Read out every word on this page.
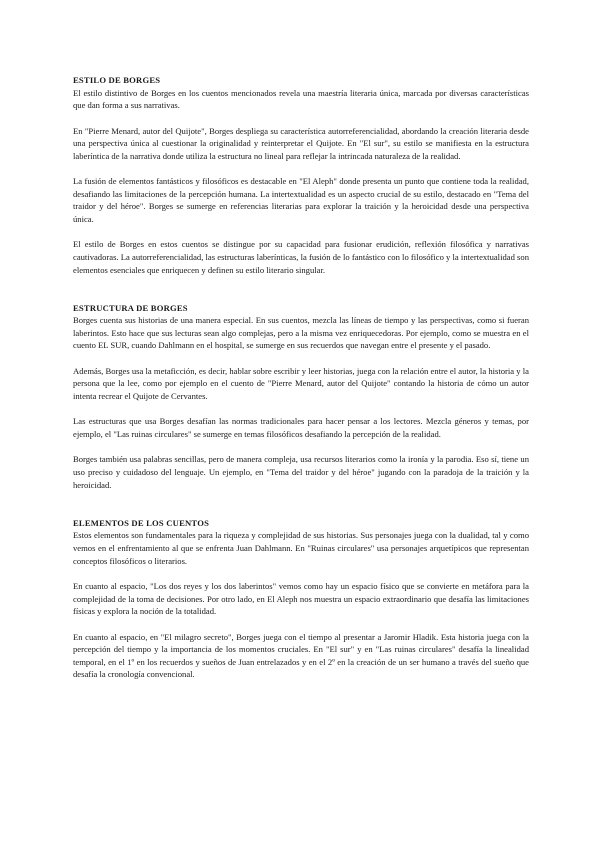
ESTILO DE BORGES

El estilo distintivo de Borges en los cuentos mencionados revela una maestría literaria única, marcada por diversas características que dan forma a sus narrativas.

En "Pierre Menard, autor del Quijote", Borges despliega su característica autorreferencialidad, abordando la creación literaria desde una perspectiva única al cuestionar la originalidad y reinterpretar el Quijote. En "El sur", su estilo se manifiesta en la estructura laberíntica de la narrativa donde utiliza la estructura no lineal para reflejar la intrincada naturaleza de la realidad.

La fusión de elementos fantásticos y filosóficos es destacable en "El Aleph" donde presenta un punto que contiene toda la realidad, desafiando las limitaciones de la percepción humana. La intertextualidad es un aspecto crucial de su estilo, destacado en "Tema del traidor y del héroe". Borges se sumerge en referencias literarias para explorar la traición y la heroicidad desde una perspectiva única.

El estilo de Borges en estos cuentos se distingue por su capacidad para fusionar erudición, reflexión filosófica y narrativas cautivadoras. La autorreferencialidad, las estructuras laberínticas, la fusión de lo fantástico con lo filosófico y la intertextualidad son elementos esenciales que enriquecen y definen su estilo literario singular.

ESTRUCTURA DE BORGES

Borges cuenta sus historias de una manera especial. En sus cuentos, mezcla las líneas de tiempo y las perspectivas, como si fueran laberintos. Esto hace que sus lecturas sean algo complejas, pero a la misma vez enriquecedoras. Por ejemplo, como se muestra en el cuento EL SUR, cuando Dahlmann en el hospital, se sumerge en sus recuerdos que navegan entre el presente y el pasado.

Además, Borges usa la metaficción, es decir, hablar sobre escribir y leer historias, juega con la relación entre el autor, la historia y la persona que la lee, como por ejemplo en el cuento de "Pierre Menard, autor del Quijote" contando la historia de cómo un autor intenta recrear el Quijote de Cervantes.

Las estructuras que usa Borges desafían las normas tradicionales para hacer pensar a los lectores. Mezcla géneros y temas, por ejemplo, el "Las ruinas circulares" se sumerge en temas filosóficos desafiando la percepción de la realidad.

Borges también usa palabras sencillas, pero de manera compleja, usa recursos literarios como la ironía y la parodia. Eso sí, tiene un uso preciso y cuidadoso del lenguaje. Un ejemplo, en "Tema del traidor y del héroe" jugando con la paradoja de la traición y la heroicidad.

ELEMENTOS DE LOS CUENTOS

Estos elementos son fundamentales para la riqueza y complejidad de sus historias. Sus personajes juega con la dualidad, tal y como vemos en el enfrentamiento al que se enfrenta Juan Dahlmann. En "Ruinas circulares" usa personajes arquetípicos que representan conceptos filosóficos o literarios.

En cuanto al espacio, "Los dos reyes y los dos laberintos" vemos como hay un espacio físico que se convierte en metáfora para la complejidad de la toma de decisiones. Por otro lado, en El Aleph nos muestra un espacio extraordinario que desafía las limitaciones físicas y explora la noción de la totalidad.

En cuanto al espacio, en "El milagro secreto", Borges juega con el tiempo al presentar a Jaromir Hladik. Esta historia juega con la percepción del tiempo y la importancia de los momentos cruciales. En "El sur" y en "Las ruinas circulares" desafía la linealidad temporal, en el 1º en los recuerdos y sueños de Juan entrelazados y en el 2º en la creación de un ser humano a través del sueño que desafía la cronología convencional.
